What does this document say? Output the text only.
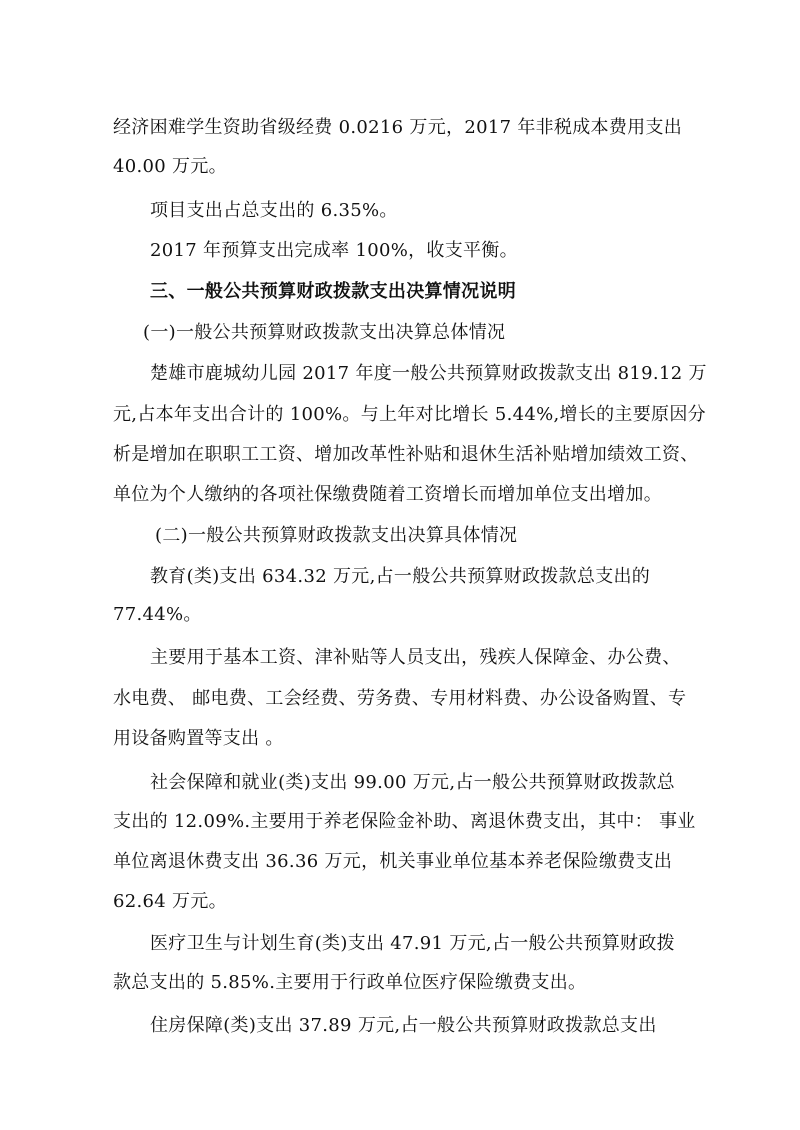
经济困难学生资助省级经费 0.0216 万元，2017 年非税成本费用支出

40.00 万元。

项目支出占总支出的 6.35%。

2017 年预算支出完成率 100%，收支平衡。

三、一般公共预算财政拨款支出决算情况说明

(一)一般公共预算财政拨款支出决算总体情况

楚雄市鹿城幼儿园 2017 年度一般公共预算财政拨款支出 819.12 万

元,占本年支出合计的 100%。与上年对比增长 5.44%,增长的主要原因分

析是增加在职职工工资、增加改革性补贴和退休生活补贴增加绩效工资、

单位为个人缴纳的各项社保缴费随着工资增长而增加单位支出增加。

(二)一般公共预算财政拨款支出决算具体情况

教育(类)支出 634.32 万元,占一般公共预算财政拨款总支出的

77.44%。

主要用于基本工资、津补贴等人员支出，残疾人保障金、办公费、

水电费、 邮电费、工会经费、劳务费、专用材料费、办公设备购置、专

用设备购置等支出 。

社会保障和就业(类)支出 99.00 万元,占一般公共预算财政拨款总

支出的 12.09%.主要用于养老保险金补助、离退休费支出，其中： 事业

单位离退休费支出 36.36 万元，机关事业单位基本养老保险缴费支出

62.64 万元。

医疗卫生与计划生育(类)支出 47.91 万元,占一般公共预算财政拨

款总支出的 5.85%.主要用于行政单位医疗保险缴费支出。

住房保障(类)支出 37.89 万元,占一般公共预算财政拨款总支出
